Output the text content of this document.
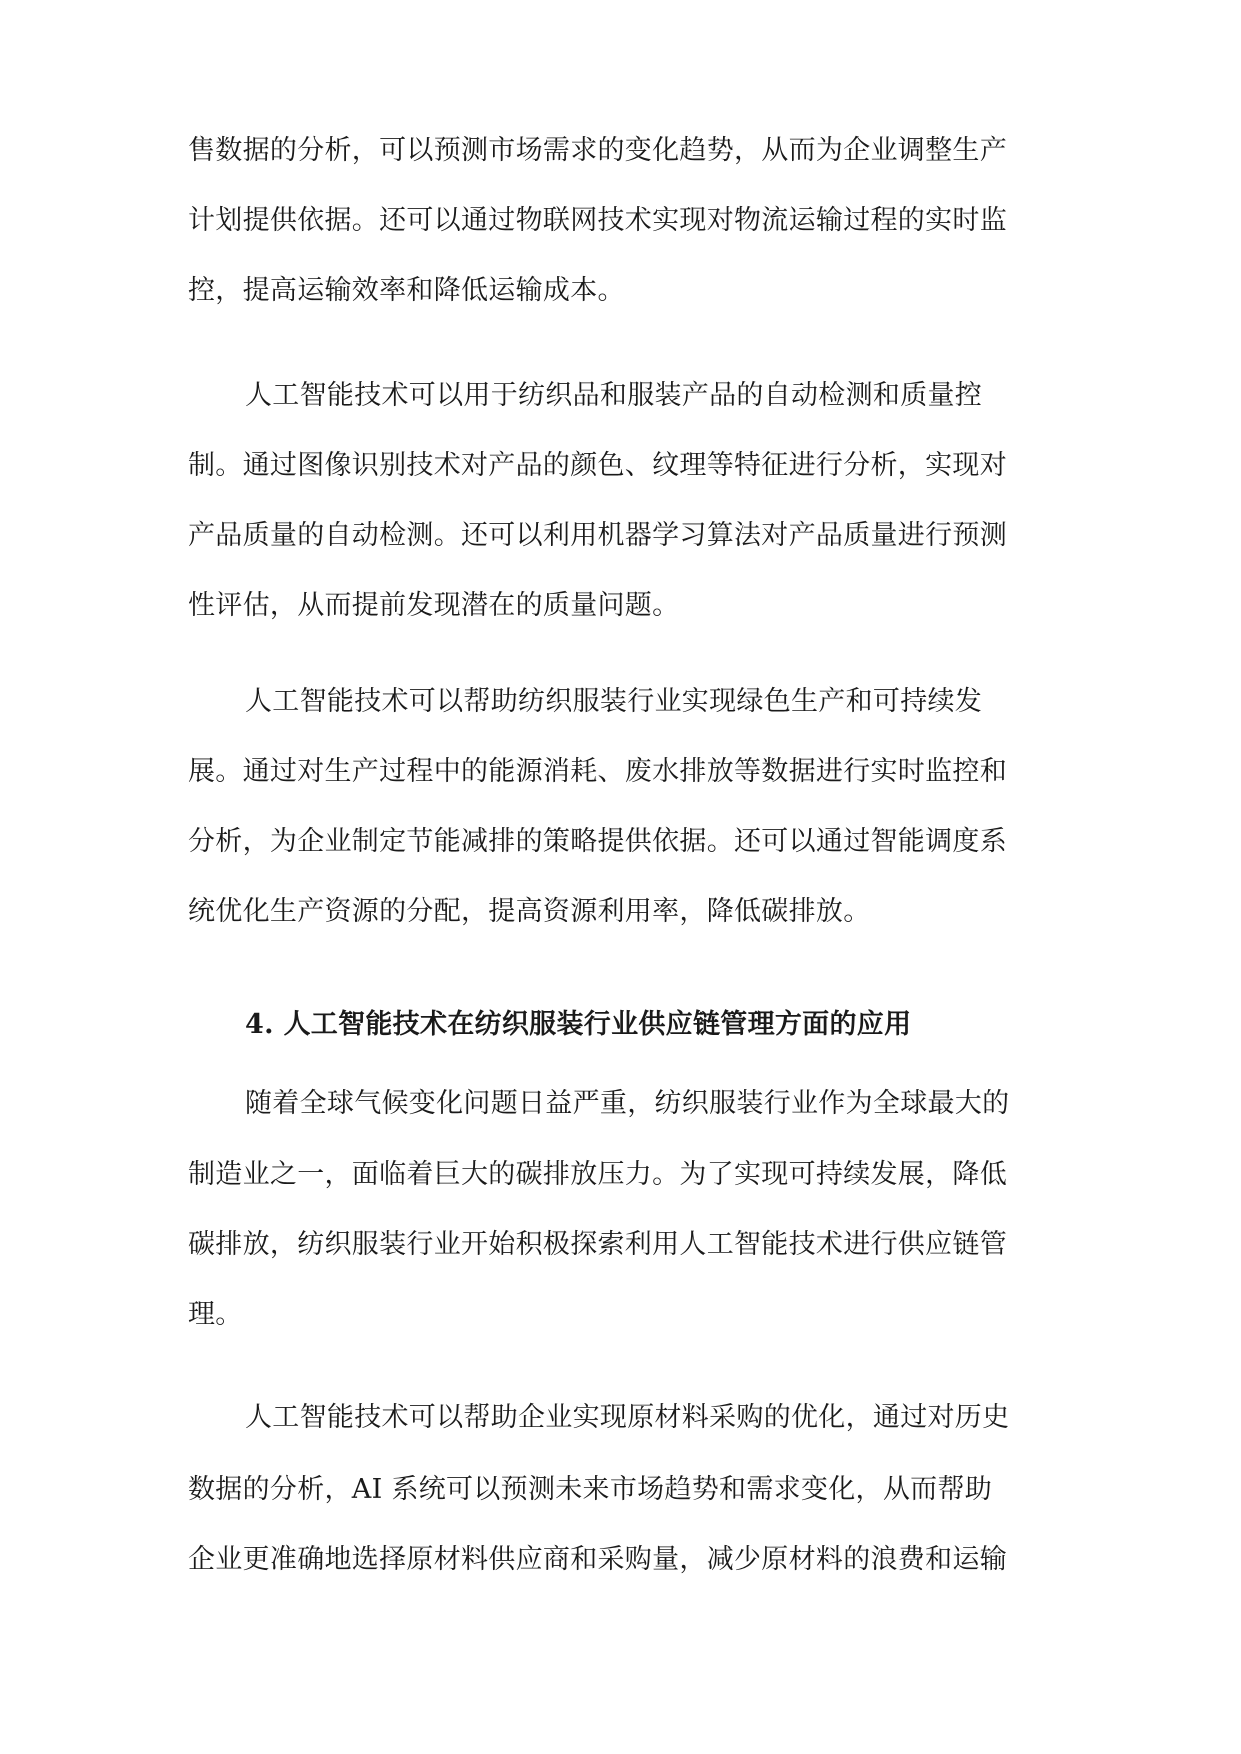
售数据的分析，可以预测市场需求的变化趋势，从而为企业调整生产
计划提供依据。还可以通过物联网技术实现对物流运输过程的实时监
控，提高运输效率和降低运输成本。
人工智能技术可以用于纺织品和服装产品的自动检测和质量控
制。通过图像识别技术对产品的颜色、纹理等特征进行分析，实现对
产品质量的自动检测。还可以利用机器学习算法对产品质量进行预测
性评估，从而提前发现潜在的质量问题。
人工智能技术可以帮助纺织服装行业实现绿色生产和可持续发
展。通过对生产过程中的能源消耗、废水排放等数据进行实时监控和
分析，为企业制定节能减排的策略提供依据。还可以通过智能调度系
统优化生产资源的分配，提高资源利用率，降低碳排放。
4. 人工智能技术在纺织服装行业供应链管理方面的应用
随着全球气候变化问题日益严重，纺织服装行业作为全球最大的
制造业之一，面临着巨大的碳排放压力。为了实现可持续发展，降低
碳排放，纺织服装行业开始积极探索利用人工智能技术进行供应链管
理。
人工智能技术可以帮助企业实现原材料采购的优化，通过对历史
数据的分析，AI 系统可以预测未来市场趋势和需求变化，从而帮助
企业更准确地选择原材料供应商和采购量，减少原材料的浪费和运输
